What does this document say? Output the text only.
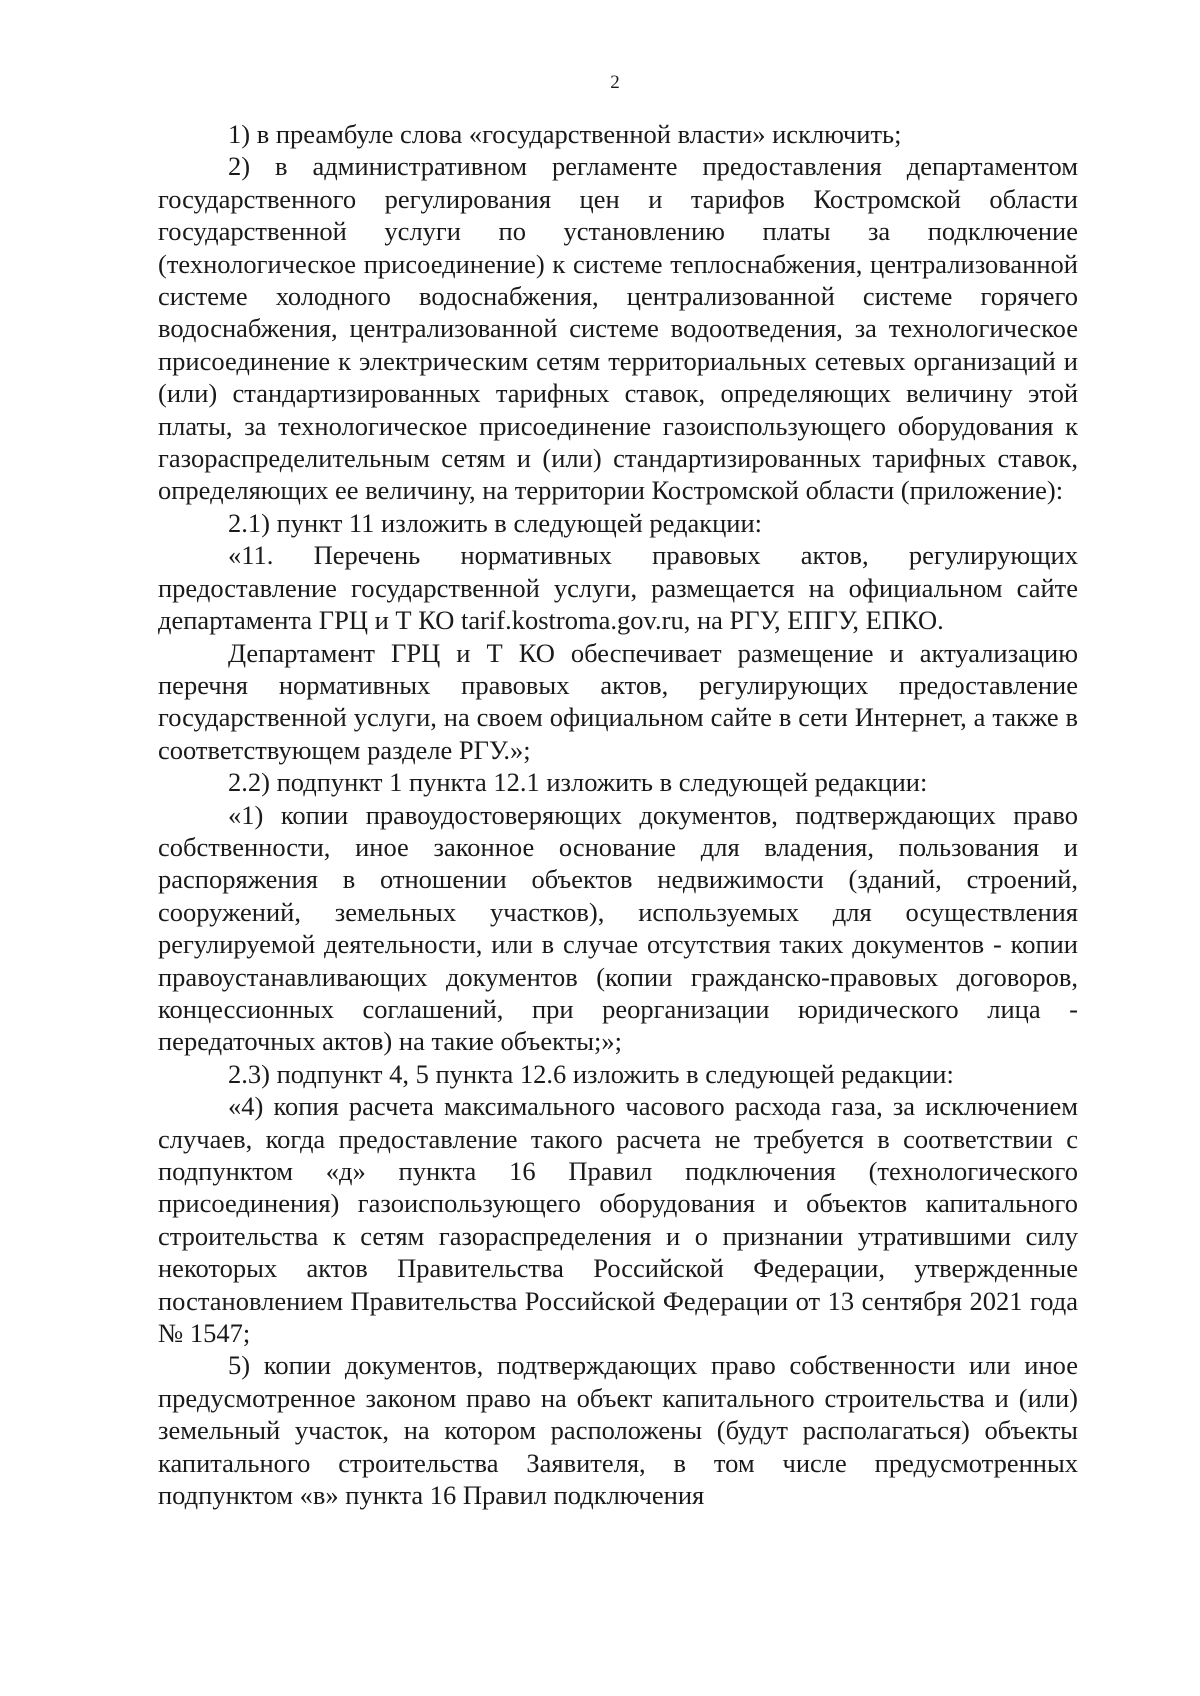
2

1) в преамбуле слова «государственной власти» исключить;

2) в административном регламенте предоставления департаментом государственного регулирования цен и тарифов Костромской области государственной услуги по установлению платы за подключение (технологическое присоединение) к системе теплоснабжения, централизованной системе холодного водоснабжения, централизованной системе горячего водоснабжения, централизованной системе водоотведения, за технологическое присоединение к электрическим сетям территориальных сетевых организаций и (или) стандартизированных тарифных ставок, определяющих величину этой платы, за технологическое присоединение газоиспользующего оборудования к газораспределительным сетям и (или) стандартизированных тарифных ставок, определяющих ее величину, на территории Костромской области (приложение):

2.1) пункт 11 изложить в следующей редакции:

«11. Перечень нормативных правовых актов, регулирующих предоставление государственной услуги, размещается на официальном сайте департамента ГРЦ и Т КО tarif.kostroma.gov.ru, на РГУ, ЕПГУ, ЕПКО.

Департамент ГРЦ и Т КО обеспечивает размещение и актуализацию перечня нормативных правовых актов, регулирующих предоставление государственной услуги, на своем официальном сайте в сети Интернет, а также в соответствующем разделе РГУ.»;

2.2) подпункт 1 пункта 12.1 изложить в следующей редакции:

«1) копии правоудостоверяющих документов, подтверждающих право собственности, иное законное основание для владения, пользования и распоряжения в отношении объектов недвижимости (зданий, строений, сооружений, земельных участков), используемых для осуществления регулируемой деятельности, или в случае отсутствия таких документов - копии правоустанавливающих документов (копии гражданско-правовых договоров, концессионных соглашений, при реорганизации юридического лица - передаточных актов) на такие объекты;»;

2.3) подпункт 4, 5 пункта 12.6 изложить в следующей редакции:

«4) копия расчета максимального часового расхода газа, за исключением случаев, когда предоставление такого расчета не требуется в соответствии с подпунктом «д» пункта 16 Правил подключения (технологического присоединения) газоиспользующего оборудования и объектов капитального строительства к сетям газораспределения и о признании утратившими силу некоторых актов Правительства Российской Федерации, утвержденные постановлением Правительства Российской Федерации от 13 сентября 2021 года № 1547;

5) копии документов, подтверждающих право собственности или иное предусмотренное законом право на объект капитального строительства и (или) земельный участок, на котором расположены (будут располагаться) объекты капитального строительства Заявителя, в том числе предусмотренных подпунктом «в» пункта 16 Правил подключения
